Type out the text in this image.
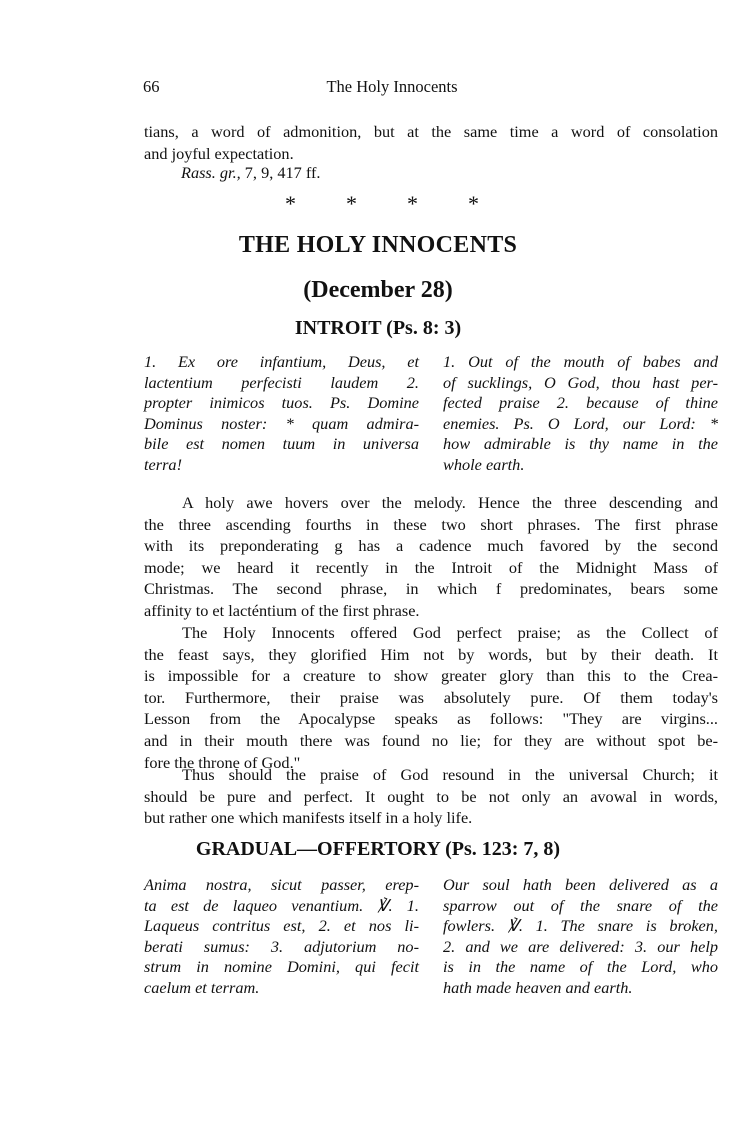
66	The Holy Innocents
tians, a word of admonition, but at the same time a word of consolation
and joyful expectation.
Rass. gr., 7, 9, 417 ff.
* * * *
THE HOLY INNOCENTS
(December 28)
INTROIT (Ps. 8: 3)
1. Ex ore infantium, Deus, et
lactentium perfecisti laudem 2.
propter inimicos tuos. Ps. Domine
Dominus noster: * quam admira-
bile est nomen tuum in universa
terra!
1. Out of the mouth of babes and
of sucklings, O God, thou hast per-
fected praise 2. because of thine
enemies. Ps. O Lord, our Lord: *
how admirable is thy name in the
whole earth.
A holy awe hovers over the melody. Hence the three descending and
the three ascending fourths in these two short phrases. The first phrase
with its preponderating g has a cadence much favored by the second
mode; we heard it recently in the Introit of the Midnight Mass of
Christmas. The second phrase, in which f predominates, bears some
affinity to et lacténtium of the first phrase.
The Holy Innocents offered God perfect praise; as the Collect of
the feast says, they glorified Him not by words, but by their death. It
is impossible for a creature to show greater glory than this to the Crea-
tor. Furthermore, their praise was absolutely pure. Of them today's
Lesson from the Apocalypse speaks as follows: "They are virgins...
and in their mouth there was found no lie; for they are without spot be-
fore the throne of God."
Thus should the praise of God resound in the universal Church; it
should be pure and perfect. It ought to be not only an avowal in words,
but rather one which manifests itself in a holy life.
GRADUAL—OFFERTORY (Ps. 123: 7, 8)
Anima nostra, sicut passer, erep-
ta est de laqueo venantium. ℣. 1.
Laqueus contritus est, 2. et nos li-
berati sumus: 3. adjutorium no-
strum in nomine Domini, qui fecit
caelum et terram.
Our soul hath been delivered as a
sparrow out of the snare of the
fowlers. ℣. 1. The snare is broken,
2. and we are delivered: 3. our help
is in the name of the Lord, who
hath made heaven and earth.
